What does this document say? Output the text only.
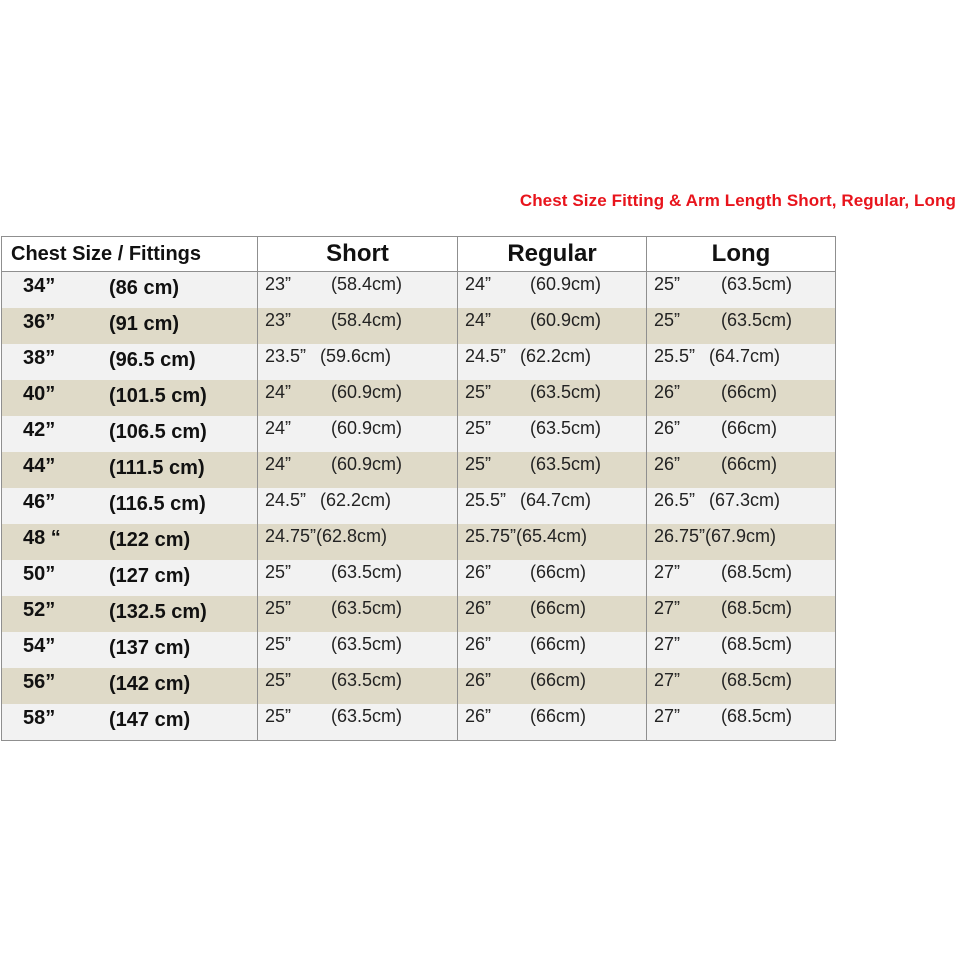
Chest Size Fitting & Arm Length Short, Regular, Long
Chest Size / Fittings	Short	Regular	Long

34” (86 cm)	23” (58.4cm)	24” (60.9cm)	25” (63.5cm)

36” (91 cm)	23” (58.4cm)	24” (60.9cm)	25” (63.5cm)

38” (96.5 cm)	23.5” (59.6cm)	24.5” (62.2cm)	25.5” (64.7cm)

40” (101.5 cm)	24” (60.9cm)	25” (63.5cm)	26” (66cm)

42” (106.5 cm)	24” (60.9cm)	25” (63.5cm)	26” (66cm)

44” (111.5 cm)	24” (60.9cm)	25” (63.5cm)	26” (66cm)

46” (116.5 cm)	24.5” (62.2cm)	25.5” (64.7cm)	26.5” (67.3cm)

48 “ (122 cm)	24.75” (62.8cm)	25.75” (65.4cm)	26.75” (67.9cm)

50” (127 cm)	25” (63.5cm)	26” (66cm)	27” (68.5cm)

52” (132.5 cm)	25” (63.5cm)	26” (66cm)	27” (68.5cm)

54” (137 cm)	25” (63.5cm)	26” (66cm)	27” (68.5cm)

56” (142 cm)	25” (63.5cm)	26” (66cm)	27” (68.5cm)

58” (147 cm)	25” (63.5cm)	26” (66cm)	27” (68.5cm)
